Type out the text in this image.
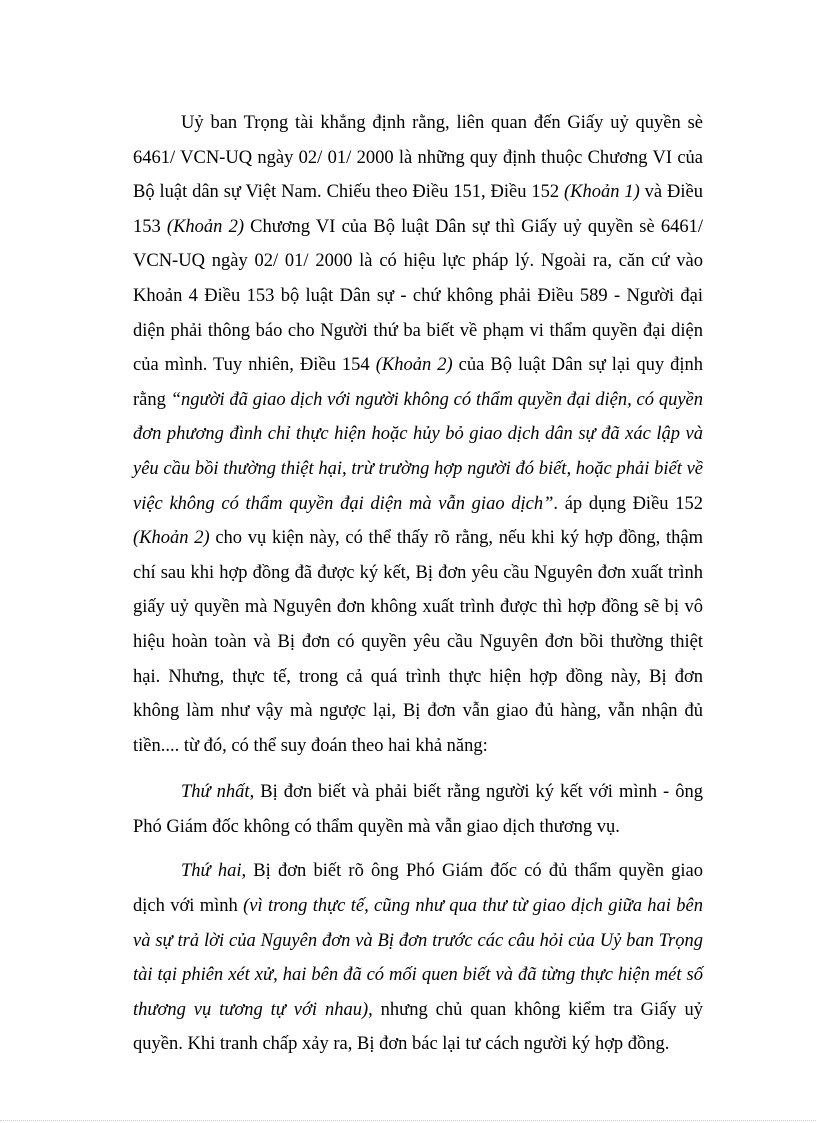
Uỷ ban Trọng tài khẳng định rằng, liên quan đến Giấy uỷ quyền sè 6461/ VCN-UQ ngày 02/ 01/ 2000 là những quy định thuộc Chương VI của Bộ luật dân sự Việt Nam. Chiếu theo Điều 151, Điều 152 (Khoản 1) và Điều 153 (Khoản 2) Chương VI của Bộ luật Dân sự thì Giấy uỷ quyền sè 6461/ VCN-UQ ngày 02/ 01/ 2000 là có hiệu lực pháp lý. Ngoài ra, căn cứ vào Khoản 4 Điều 153 bộ luật Dân sự - chứ không phải Điều 589 - Người đại diện phải thông báo cho Người thứ ba biết về phạm vi thẩm quyền đại diện của mình. Tuy nhiên, Điều 154 (Khoản 2) của Bộ luật Dân sự lại quy định rằng “người đã giao dịch với người không có thẩm quyền đại diện, có quyền đơn phương đình chỉ thực hiện hoặc hủy bỏ giao dịch dân sự đã xác lập và yêu cầu bồi thường thiệt hại, trừ trường hợp người đó biết, hoặc phải biết về việc không có thẩm quyền đại diện mà vẫn giao dịch”. áp dụng Điều 152 (Khoản 2) cho vụ kiện này, có thể thấy rõ rằng, nếu khi ký hợp đồng, thậm chí sau khi hợp đồng đã được ký kết, Bị đơn yêu cầu Nguyên đơn xuất trình giấy uỷ quyền mà Nguyên đơn không xuất trình được thì hợp đồng sẽ bị vô hiệu hoàn toàn và Bị đơn có quyền yêu cầu Nguyên đơn bồi thường thiệt hại. Nhưng, thực tế, trong cả quá trình thực hiện hợp đồng này, Bị đơn không làm như vậy mà ngược lại, Bị đơn vẫn giao đủ hàng, vẫn nhận đủ tiền.... từ đó, có thể suy đoán theo hai khả năng:

Thứ nhất, Bị đơn biết và phải biết rằng người ký kết với mình - ông Phó Giám đốc không có thẩm quyền mà vẫn giao dịch thương vụ.

Thứ hai, Bị đơn biết rõ ông Phó Giám đốc có đủ thẩm quyền giao dịch với mình (vì trong thực tế, cũng như qua thư từ giao dịch giữa hai bên và sự trả lời của Nguyên đơn và Bị đơn trước các câu hỏi của Uỷ ban Trọng tài tại phiên xét xử, hai bên đã có mối quen biết và đã từng thực hiện mét số thương vụ tương tự với nhau), nhưng chủ quan không kiểm tra Giấy uỷ quyền. Khi tranh chấp xảy ra, Bị đơn bác lại tư cách người ký hợp đồng.
